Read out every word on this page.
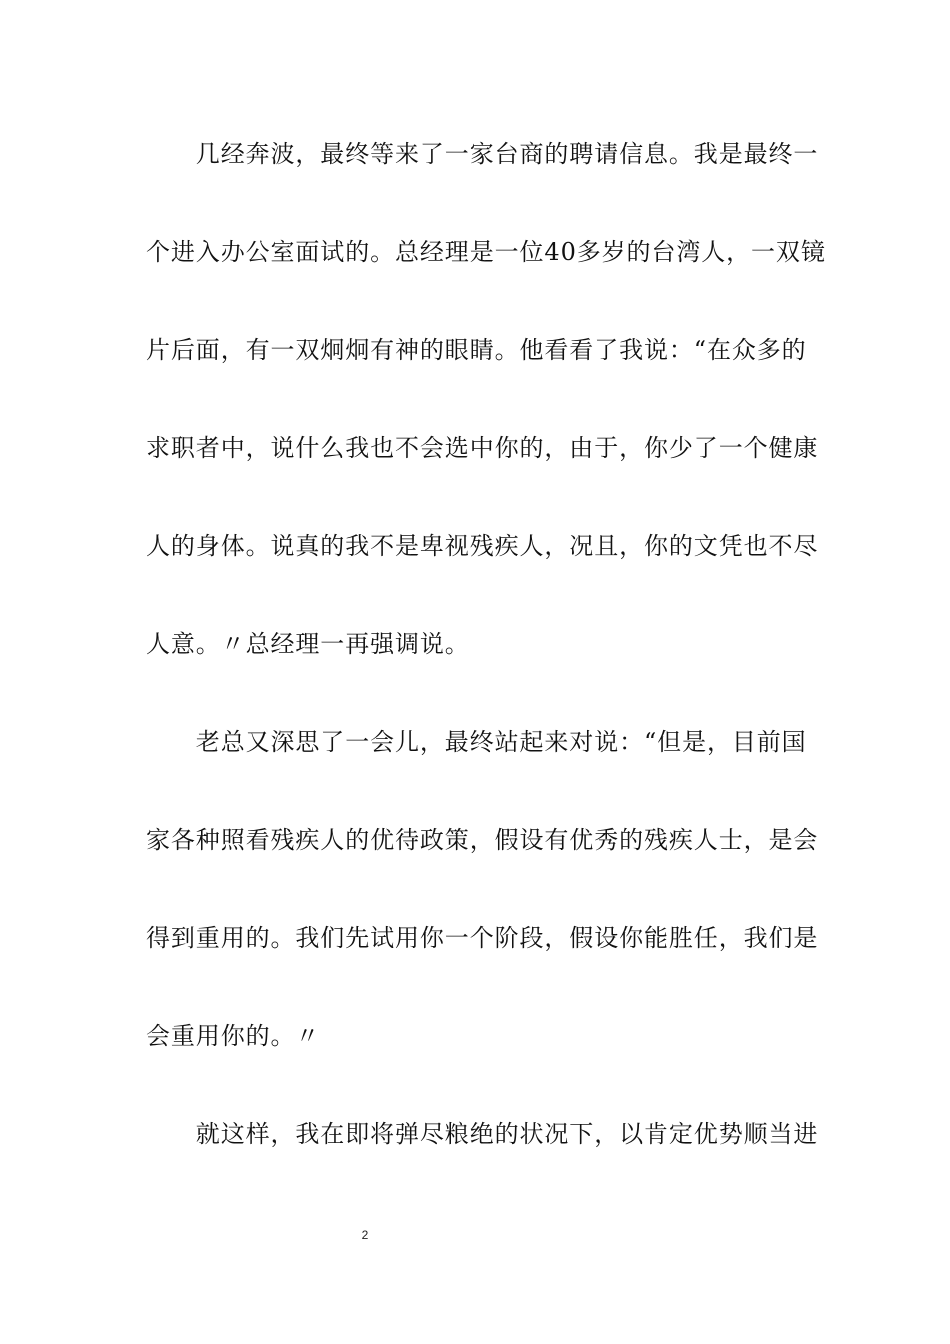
　　几经奔波，最终等来了一家台商的聘请信息。我是最终一
个进入办公室面试的。总经理是一位40多岁的台湾人，一双镜
片后面，有一双炯炯有神的眼睛。他看看了我说：“在众多的
求职者中，说什么我也不会选中你的，由于，你少了一个健康
人的身体。说真的我不是卑视残疾人，况且，你的文凭也不尽
人意。〃总经理一再强调说。
　　老总又深思了一会儿，最终站起来对说：“但是，目前国
家各种照看残疾人的优待政策，假设有优秀的残疾人士，是会
得到重用的。我们先试用你一个阶段，假设你能胜任，我们是
会重用你的。〃
　　就这样，我在即将弹尽粮绝的状况下，以肯定优势顺当进
2
